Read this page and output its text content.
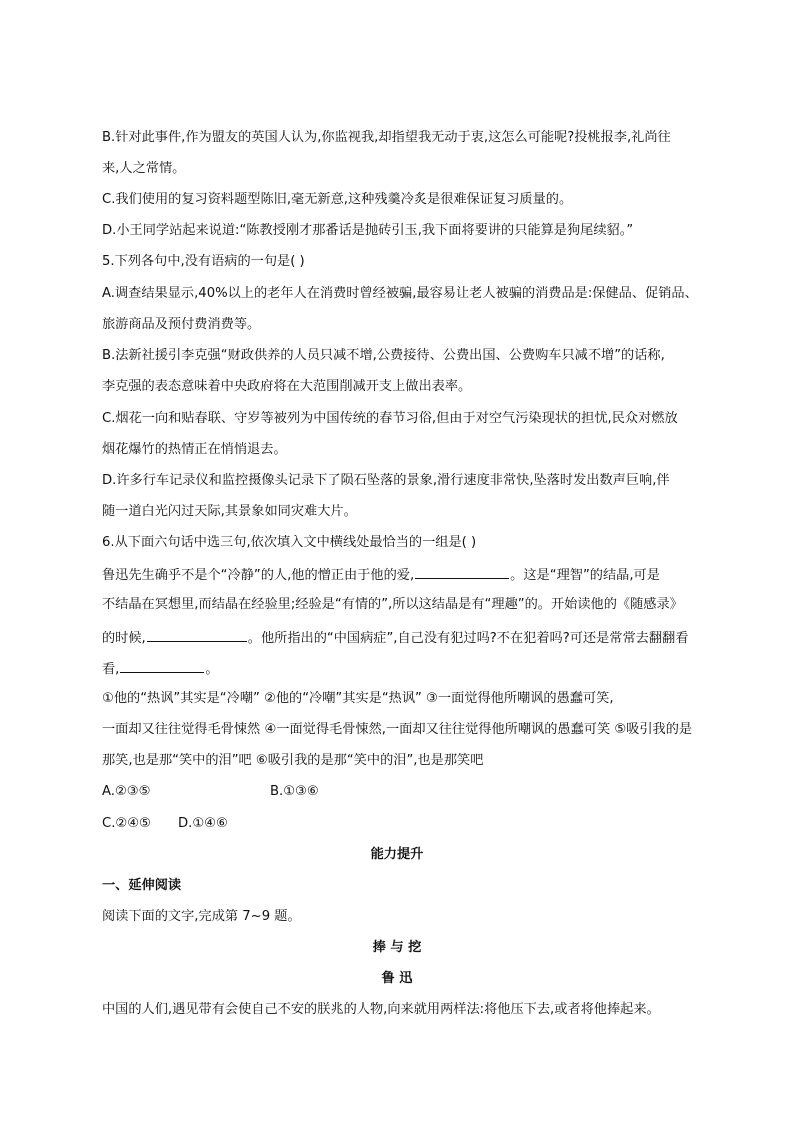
B.针对此事件,作为盟友的英国人认为,你监视我,却指望我无动于衷,这怎么可能呢?投桃报李,礼尚往
来,人之常情。
C.我们使用的复习资料题型陈旧,毫无新意,这种残羹冷炙是很难保证复习质量的。
D.小王同学站起来说道:“陈教授刚才那番话是抛砖引玉,我下面将要讲的只能算是狗尾续貂。”
5.下列各句中,没有语病的一句是( )
A.调查结果显示,40%以上的老年人在消费时曾经被骗,最容易让老人被骗的消费品是:保健品、促销品、
旅游商品及预付费消费等。
B.法新社援引李克强“财政供养的人员只减不增,公费接待、公费出国、公费购车只减不增”的话称,
李克强的表态意味着中央政府将在大范围削减开支上做出表率。
C.烟花一向和贴春联、守岁等被列为中国传统的春节习俗,但由于对空气污染现状的担忧,民众对燃放
烟花爆竹的热情正在悄悄退去。
D.许多行车记录仪和监控摄像头记录下了陨石坠落的景象,滑行速度非常快,坠落时发出数声巨响,伴
随一道白光闪过天际,其景象如同灾难大片。
6.从下面六句话中选三句,依次填入文中横线处最恰当的一组是( )
鲁迅先生确乎不是个“冷静”的人,他的憎正由于他的爱,	。这是“理智”的结晶,可是
不结晶在冥想里,而结晶在经验里;经验是“有情的”,所以这结晶是有“理趣”的。开始读他的《随感录》
的时候,	。他所指出的“中国病症”,自己没有犯过吗?不在犯着吗?可还是常常去翻翻看
看,	。
①他的“热讽”其实是“冷嘲” ②他的“冷嘲”其实是“热讽” ③一面觉得他所嘲讽的愚蠢可笑,
一面却又往往觉得毛骨悚然 ④一面觉得毛骨悚然,一面却又往往觉得他所嘲讽的愚蠢可笑 ⑤吸引我的是
那笑,也是那“笑中的泪”吧 ⑥吸引我的是那“笑中的泪”,也是那笑吧
A.②③⑤	B.①③⑥
C.②④⑤ D.①④⑥
能力提升
一、延伸阅读
阅读下面的文字,完成第 7~9 题。
捧 与 挖
鲁 迅
中国的人们,遇见带有会使自己不安的朕兆的人物,向来就用两样法:将他压下去,或者将他捧起来。
